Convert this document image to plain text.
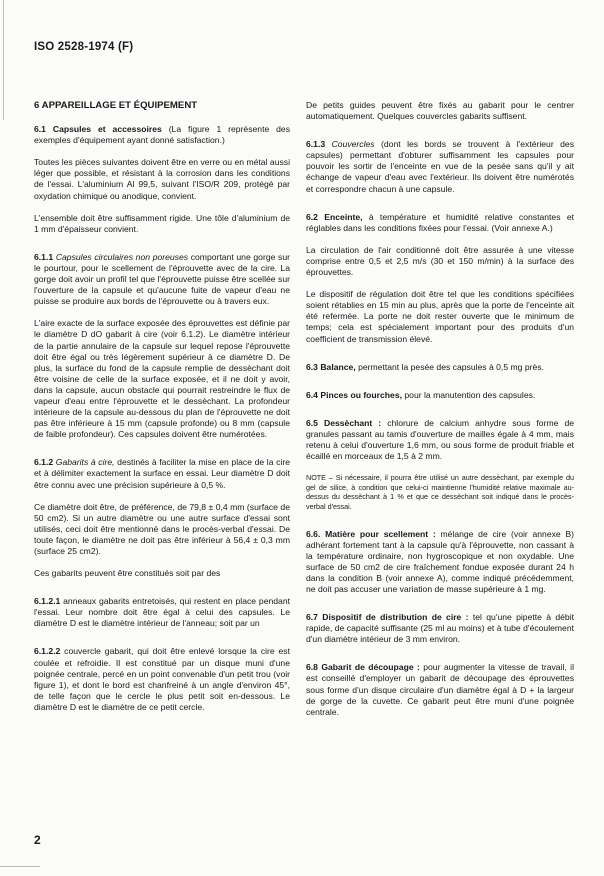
ISO 2528-1974 (F)
6 APPAREILLAGE ET ÉQUIPEMENT

6.1 Capsules et accessoires (La figure 1 représente des exemples d'équipement ayant donné satisfaction.)

Toutes les pièces suivantes doivent être en verre ou en métal aussi léger que possible, et résistant à la corrosion dans les conditions de l'essai. L'aluminium Al 99,5, suivant l'ISO/R 209, protégé par oxydation chimique ou anodique, convient.

L'ensemble doit être suffisamment rigide. Une tôle d'aluminium de 1 mm d'épaisseur convient.

6.1.1 Capsules circulaires non poreuses comportant une gorge sur le pourtour, pour le scellement de l'éprouvette avec de la cire. La gorge doit avoir un profil tel que l'éprouvette puisse être scellée sur l'ouverture de la capsule et qu'aucune fuite de vapeur d'eau ne puisse se produire aux bords de l'éprouvette ou à travers eux.

L'aire exacte de la surface exposée des éprouvettes est définie par le diamètre D dO gabarit à cire (voir 6.1.2). Le diamètre intérieur de la partie annulaire de la capsule sur lequel repose l'éprouvette doit être égal ou très légèrement supérieur à ce diamètre D. De plus, la surface du fond de la capsule remplie de dessèchant doit être voisine de celle de la surface exposée, et il ne doit y avoir, dans la capsule, aucun obstacle qui pourrait restreindre le flux de vapeur d'eau entre l'éprouvette et le dessèchant. La profondeur intérieure de la capsule au-dessous du plan de l'éprouvette ne doit pas être inférieure à 15 mm (capsule profonde) ou 8 mm (capsule de faible profondeur). Ces capsules doivent être numérotées.

6.1.2 Gabarits à cire, destinés à faciliter la mise en place de la cire et à délimiter exactement la surface en essai. Leur diamètre D doit être connu avec une précision supérieure à 0,5 %.

Ce diamètre doit être, de préférence, de 79,8 ± 0,4 mm (surface de 50 cm2). Si un autre diamètre ou une autre surface d'essai sont utilisés, ceci doit être mentionné dans le procès-verbal d'essai. De toute façon, le diamètre ne doit pas être inférieur à 56,4 ± 0,3 mm (surface 25 cm2).

Ces gabarits peuvent être constitués soit par des

6.1.2.1 anneaux gabarits entretoisés, qui restent en place pendant l'essai. Leur nombre doit être égal à celui des capsules. Le diamètre D est le diamètre intérieur de l'anneau; soit par un

6.1.2.2 couvercle gabarit, qui doit être enlevé lorsque la cire est coulée et refroidie. Il est constitué par un disque muni d'une poignée centrale, percé en un point convenable d'un petit trou (voir figure 1), et dont le bord est chanfreiné à un angle d'environ 45°, de telle façon que le cercle le plus petit soit en-dessous. Le diamètre D est le diamètre de ce petit cercle.

De petits guides peuvent être fixés au gabarit pour le centrer automatiquement. Quelques couvercles gabarits suffisent.

6.1.3 Couvercles (dont les bords se trouvent à l'extérieur des capsules) permettant d'obturer suffisamment les capsules pour pouvoir les sortir de l'enceinte en vue de la pesée sans qu'il y ait échange de vapeur d'eau avec l'extérieur. Ils doivent être numérotés et correspondre chacun à une capsule.

6.2 Enceinte, à température et humidité relative constantes et réglables dans les conditions fixées pour l'essai. (Voir annexe A.)

La circulation de l'air conditionné doit être assurée à une vitesse comprise entre 0,5 et 2,5 m/s (30 et 150 m/min) à la surface des éprouvettes.

Le dispositif de régulation doit être tel que les conditions spécifiées soient rétablies en 15 min au plus, après que la porte de l'enceinte ait été refermée. La porte ne doit rester ouverte que le minimum de temps; cela est spécialement important pour des produits d'un coefficient de transmission élevé.

6.3 Balance, permettant la pesée des capsules à 0,5 mg près.

6.4 Pinces ou fourches, pour la manutention des capsules.

6.5 Dessèchant : chlorure de calcium anhydre sous forme de granules passant au tamis d'ouverture de mailles égale à 4 mm, mais retenu à celui d'ouverture 1,6 mm, ou sous forme de produit friable et écaillé en morceaux de 1,5 à 2 mm.

NOTE – Si nécessaire, il pourra être utilisé un autre dessèchant, par exemple du gel de silice, à condition que celui-ci maintienne l'humidité relative maximale au-dessus du dessèchant à 1 % et que ce dessèchant soit indiqué dans le procès-verbal d'essai.

6.6. Matière pour scellement : mélange de cire (voir annexe B) adhérant fortement tant à la capsule qu'à l'éprouvette, non cassant à la température ordinaire, non hygroscopique et non oxydable. Une surface de 50 cm2 de cire fraîchement fondue exposée durant 24 h dans la condition B (voir annexe A), comme indiqué précédemment, ne doit pas accuser une variation de masse supérieure à 1 mg.

6.7 Dispositif de distribution de cire : tel qu'une pipette à débit rapide, de capacité suffisante (25 ml au moins) et à tube d'écoulement d'un diamètre intérieur de 3 mm environ.

6.8 Gabarit de découpage : pour augmenter la vitesse de travail, il est conseillé d'employer un gabarit de découpage des éprouvettes sous forme d'un disque circulaire d'un diamètre égal à D + la largeur de gorge de la cuvette. Ce gabarit peut être muni d'une poignée centrale.

2
